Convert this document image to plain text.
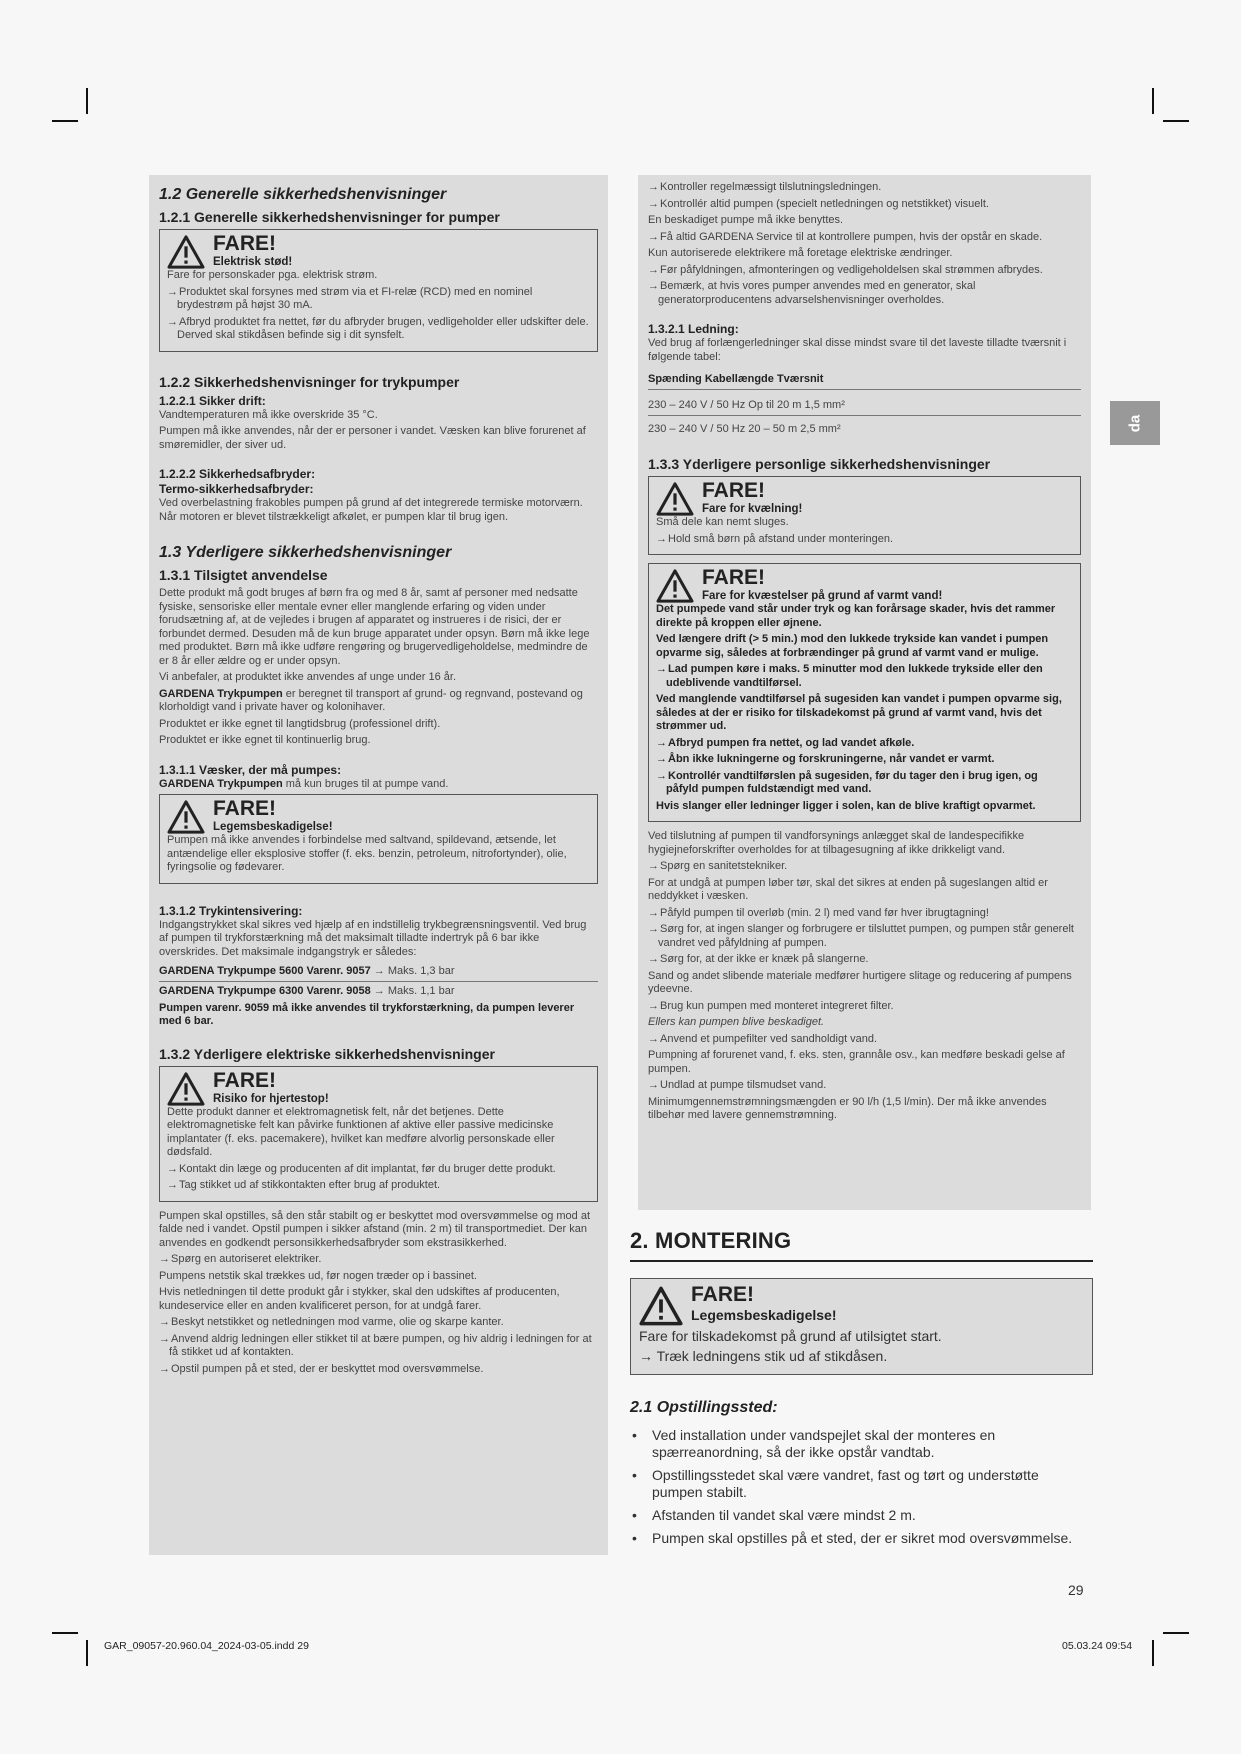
1.2 Generelle sikkerhedshenvisninger
1.2.1 Generelle sikkerhedshenvisninger for pumper
FARE!
Elektrisk stød!
Fare for personskader pga. elektrisk strøm.
→Produktet skal forsynes med strøm via et FI-relæ (RCD) med en nominel brydestrøm på højst 30 mA.
→Afbryd produktet fra nettet, før du afbryder brugen, vedligeholder eller udskifter dele. Derved skal stikdåsen befinde sig i dit synsfelt.
1.2.2 Sikkerhedshenvisninger for trykpumper
1.2.2.1 Sikker drift:
Vandtemperaturen må ikke overskride 35 °C.
Pumpen må ikke anvendes, når der er personer i vandet. Væsken kan blive forurenet af smøremidler, der siver ud.
1.2.2.2 Sikkerhedsafbryder:
Termo-sikkerhedsafbryder:
Ved overbelastning frakobles pumpen på grund af det integrerede termiske motorværn. Når motoren er blevet tilstrækkeligt afkølet, er pumpen klar til brug igen.
1.3 Yderligere sikkerhedshenvisninger
1.3.1 Tilsigtet anvendelse
Dette produkt må godt bruges af børn fra og med 8 år, samt af personer med nedsatte fysiske, sensoriske eller mentale evner eller manglende erfaring og viden under forudsætning af, at de vejledes i brugen af apparatet og instrueres i de risici, der er forbundet dermed. Desuden må de kun bruge apparatet under opsyn. Børn må ikke lege med produktet. Børn må ikke udføre rengøring og brugervedligeholdelse, medmindre de er 8 år eller ældre og er under opsyn.
Vi anbefaler, at produktet ikke anvendes af unge under 16 år.
GARDENA Trykpumpen er beregnet til transport af grund- og regnvand, postevand og klorholdigt vand i private haver og kolonihaver.
Produktet er ikke egnet til langtidsbrug (professionel drift).
Produktet er ikke egnet til kontinuerlig brug.
1.3.1.1 Væsker, der må pumpes:
GARDENA Trykpumpen må kun bruges til at pumpe vand.
FARE!
Legemsbeskadigelse!
Pumpen må ikke anvendes i forbindelse med saltvand, spildevand, ætsende, let antændelige eller eksplosive stoffer (f. eks. benzin, petroleum, nitrofortynder), olie, fyringsolie og fødevarer.
1.3.1.2 Trykintensivering:
Indgangstrykket skal sikres ved hjælp af en indstillelig trykbegrænsningsventil. Ved brug af pumpen til trykforstærkning må det maksimalt tilladte indertryk på 6 bar ikke overskrides. Det maksimale indgangstryk er således:
GARDENA Trykpumpe 5600 Varenr. 9057 → Maks. 1,3 bar
GARDENA Trykpumpe 6300 Varenr. 9058 → Maks. 1,1 bar
Pumpen varenr. 9059 må ikke anvendes til trykforstærkning, da pumpen leverer med 6 bar.
1.3.2 Yderligere elektriske sikkerhedshenvisninger
FARE!
Risiko for hjertestop!
Dette produkt danner et elektromagnetisk felt, når det betjenes. Dette elektromagnetiske felt kan påvirke funktionen af aktive eller passive medicinske implantater (f. eks. pacemakere), hvilket kan medføre alvorlig personskade eller dødsfald.
→Kontakt din læge og producenten af dit implantat, før du bruger dette produkt.
→Tag stikket ud af stikkontakten efter brug af produktet.
Pumpen skal opstilles, så den står stabilt og er beskyttet mod oversvømmelse og mod at falde ned i vandet. Opstil pumpen i sikker afstand (min. 2 m) til transportmediet. Der kan anvendes en godkendt personsikkerhedsafbryder som ekstrasikkerhed.
→Spørg en autoriseret elektriker.
Pumpens netstik skal trækkes ud, før nogen træder op i bassinet.
Hvis netledningen til dette produkt går i stykker, skal den udskiftes af producenten, kundeservice eller en anden kvalificeret person, for at undgå farer.
→Beskyt netstikket og netledningen mod varme, olie og skarpe kanter.
→Anvend aldrig ledningen eller stikket til at bære pumpen, og hiv aldrig i ledningen for at få stikket ud af kontakten.
→Opstil pumpen på et sted, der er beskyttet mod oversvømmelse.
→Kontroller regelmæssigt tilslutningsledningen.
→Kontrollér altid pumpen (specielt netledningen og netstikket) visuelt.
En beskadiget pumpe må ikke benyttes.
→Få altid GARDENA Service til at kontrollere pumpen, hvis der opstår en skade.
Kun autoriserede elektrikere må foretage elektriske ændringer.
→Før påfyldningen, afmonteringen og vedligeholdelsen skal strømmen afbrydes.
→Bemærk, at hvis vores pumper anvendes med en generator, skal generatorproducentens advarselshenvisninger overholdes.
1.3.2.1 Ledning:
Ved brug af forlængerledninger skal disse mindst svare til det laveste tilladte tværsnit i følgende tabel:
Spænding Kabellængde Tværsnit
230 – 240 V / 50 Hz Op til 20 m 1,5 mm²
230 – 240 V / 50 Hz 20 – 50 m 2,5 mm²
1.3.3 Yderligere personlige sikkerhedshenvisninger
FARE!
Fare for kvælning!
Små dele kan nemt sluges.
→Hold små børn på afstand under monteringen.
FARE!
Fare for kvæstelser på grund af varmt vand!
Det pumpede vand står under tryk og kan forårsage skader, hvis det rammer direkte på kroppen eller øjnene.
Ved længere drift (> 5 min.) mod den lukkede trykside kan vandet i pumpen opvarme sig, således at forbrændinger på grund af varmt vand er mulige.
→Lad pumpen køre i maks. 5 minutter mod den lukkede trykside eller den udeblivende vandtilførsel.
Ved manglende vandtilførsel på sugesiden kan vandet i pumpen opvarme sig, således at der er risiko for tilskadekomst på grund af varmt vand, hvis det strømmer ud.
→Afbryd pumpen fra nettet, og lad vandet afkøle.
→Åbn ikke lukningerne og forskruningerne, når vandet er varmt.
→Kontrollér vandtilførslen på sugesiden, før du tager den i brug igen, og påfyld pumpen fuldstændigt med vand.
Hvis slanger eller ledninger ligger i solen, kan de blive kraftigt opvarmet.
Ved tilslutning af pumpen til vandforsynings anlægget skal de landespecifikke hygiejneforskrifter overholdes for at tilbagesugning af ikke drikkeligt vand.
→Spørg en sanitetstekniker.
For at undgå at pumpen løber tør, skal det sikres at enden på sugeslangen altid er neddykket i væsken.
→Påfyld pumpen til overløb (min. 2 l) med vand før hver ibrugtagning!
→Sørg for, at ingen slanger og forbrugere er tilsluttet pumpen, og pumpen står generelt vandret ved påfyldning af pumpen.
→Sørg for, at der ikke er knæk på slangerne.
Sand og andet slibende materiale medfører hurtigere slitage og reducering af pumpens ydeevne.
→Brug kun pumpen med monteret integreret filter.
Ellers kan pumpen blive beskadiget.
→Anvend et pumpefilter ved sandholdigt vand.
Pumpning af forurenet vand, f. eks. sten, grannåle osv., kan medføre beskadi gelse af pumpen.
→Undlad at pumpe tilsmudset vand.
Minimumgennemstrømningsmængden er 90 l/h (1,5 l/min). Der må ikke anvendes tilbehør med lavere gennemstrømning.
2. MONTERING
FARE!
Legemsbeskadigelse!
Fare for tilskadekomst på grund af utilsigtet start.
→ Træk ledningens stik ud af stikdåsen.
2.1 Opstillingssted:
•	Ved installation under vandspejlet skal der monteres en spærreanordning, så der ikke opstår vandtab.
•	Opstillingsstedet skal være vandret, fast og tørt og understøtte pumpen stabilt.
•	Afstanden til vandet skal være mindst 2 m.
•	Pumpen skal opstilles på et sted, der er sikret mod oversvømmelse.
da
29
GAR_09057-20.960.04_2024-03-05.indd 29	05.03.24 09:54
